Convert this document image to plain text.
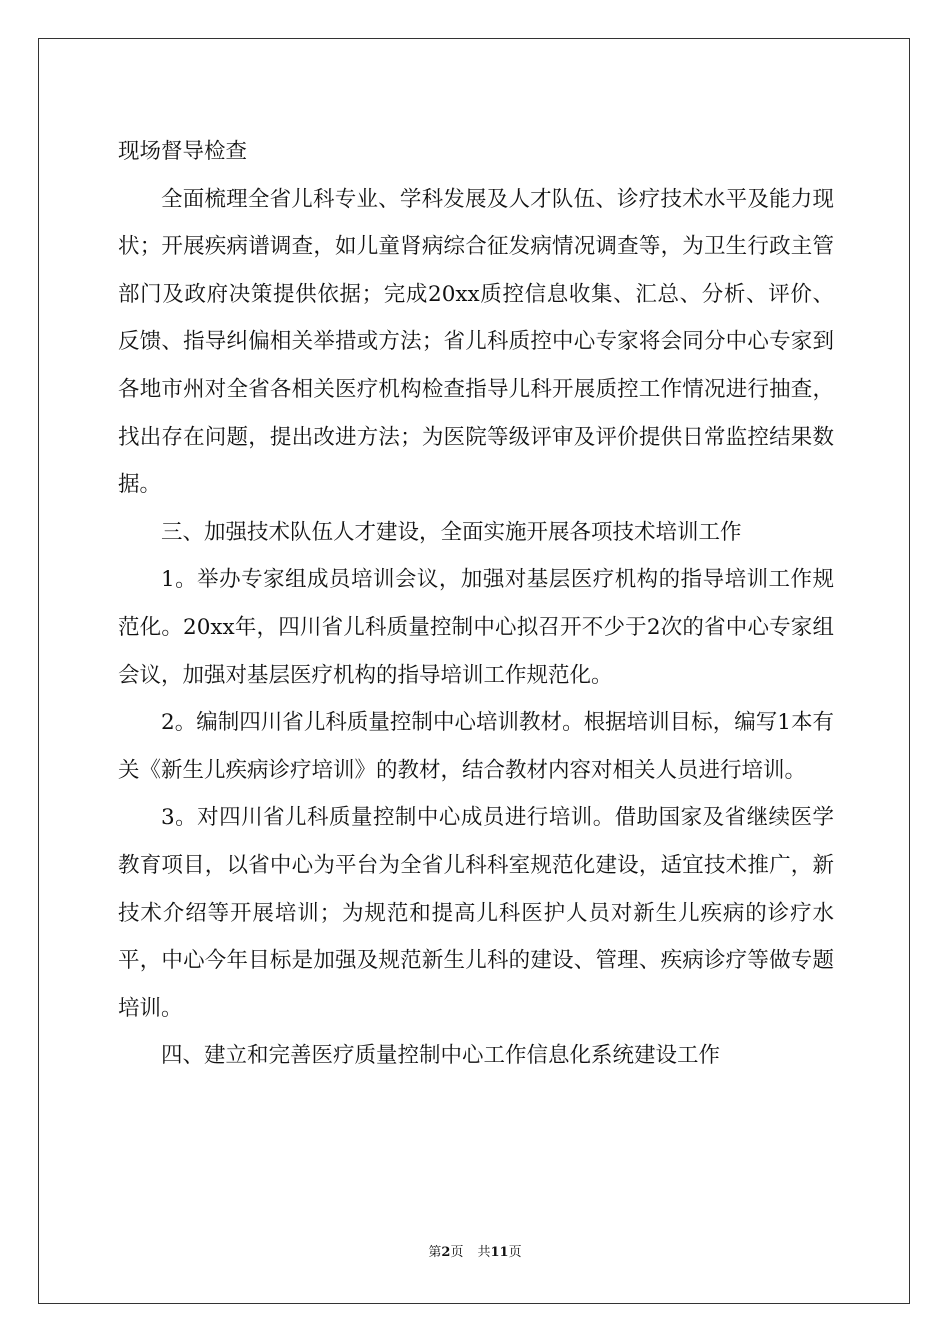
现场督导检查

全面梳理全省儿科专业、学科发展及人才队伍、诊疗技术水平及能力现状；开展疾病谱调查，如儿童肾病综合征发病情况调查等，为卫生行政主管部门及政府决策提供依据；完成20xx质控信息收集、汇总、分析、评价、反馈、指导纠偏相关举措或方法；省儿科质控中心专家将会同分中心专家到各地市州对全省各相关医疗机构检查指导儿科开展质控工作情况进行抽查，找出存在问题，提出改进方法；为医院等级评审及评价提供日常监控结果数据。

三、加强技术队伍人才建设，全面实施开展各项技术培训工作

1。举办专家组成员培训会议，加强对基层医疗机构的指导培训工作规范化。20xx年，四川省儿科质量控制中心拟召开不少于2次的省中心专家组会议，加强对基层医疗机构的指导培训工作规范化。

2。编制四川省儿科质量控制中心培训教材。根据培训目标，编写1本有关《新生儿疾病诊疗培训》的教材，结合教材内容对相关人员进行培训。

3。对四川省儿科质量控制中心成员进行培训。借助国家及省继续医学教育项目，以省中心为平台为全省儿科科室规范化建设，适宜技术推广，新技术介绍等开展培训；为规范和提高儿科医护人员对新生儿疾病的诊疗水平，中心今年目标是加强及规范新生儿科的建设、管理、疾病诊疗等做专题培训。

四、建立和完善医疗质量控制中心工作信息化系统建设工作

第2页 共11页
